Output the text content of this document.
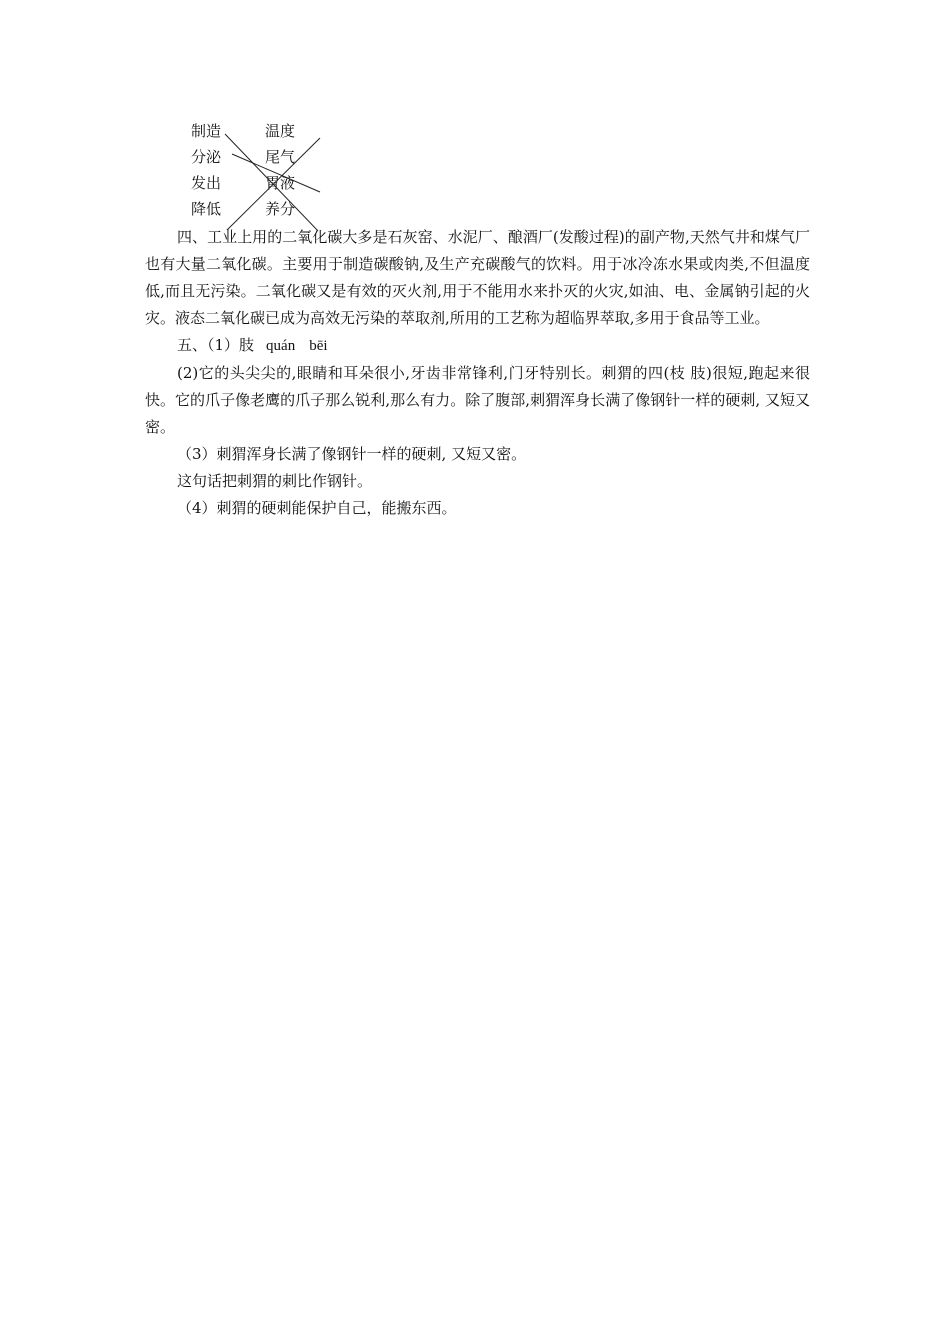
制造
分泌
发出
降低
温度
尾气
胃液
养分

四、工业上用的二氧化碳大多是石灰窑、水泥厂、酿酒厂(发酸过程)的副产物,天然气井和煤气厂也有大量二氧化碳。主要用于制造碳酸钠,及生产充碳酸气的饮料。用于冰冷冻水果或肉类,不但温度低,而且无污染。二氧化碳又是有效的灭火剂,用于不能用水来扑灭的火灾,如油、电、金属钠引起的火灾。液态二氧化碳已成为高效无污染的萃取剂,所用的工艺称为超临界萃取,多用于食品等工业。

五、（1）肢 quán bēi

(2)它的头尖尖的,眼睛和耳朵很小,牙齿非常锋利,门牙特别长。刺猬的四(枝 肢)很短,跑起来很快。它的爪子像老鹰的爪子那么锐利,那么有力。除了腹部,刺猬浑身长满了像钢针一样的硬刺, 又短又密。

（3）刺猬浑身长满了像钢针一样的硬刺, 又短又密。

这句话把刺猬的刺比作钢针。

（4）刺猬的硬刺能保护自己，能搬东西。
